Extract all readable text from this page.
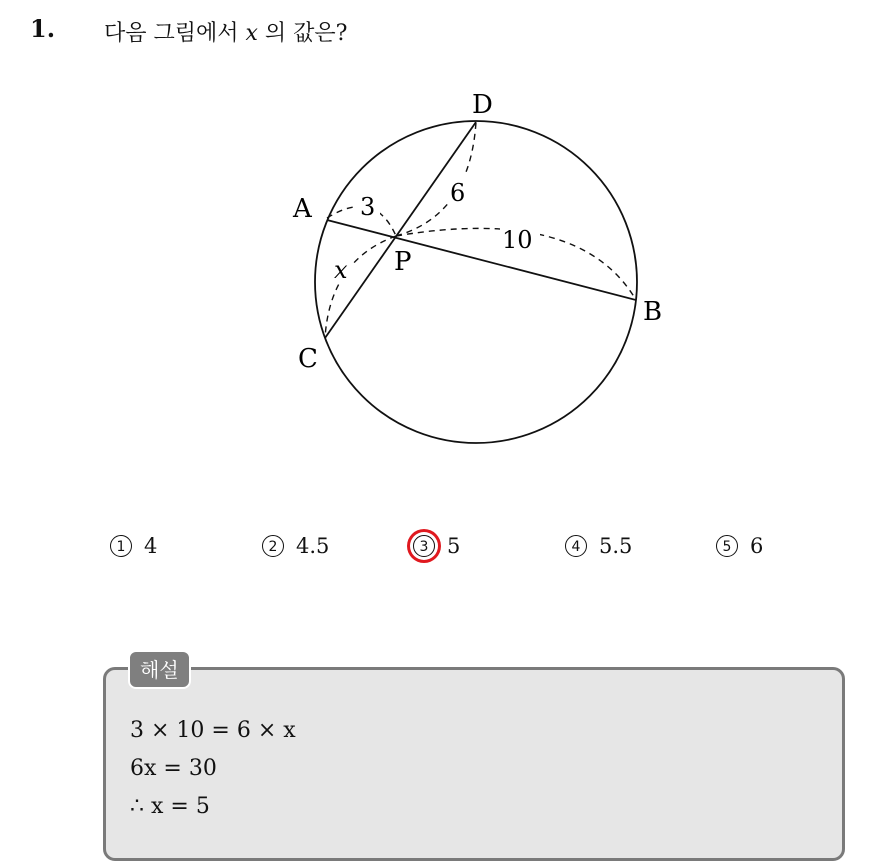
1. 다음 그림에서 x 의 값은?
D
A
P
B
C
3	6
10
x
1 4	2 4.5	3 5	4 5.5	5 6
해설
3 × 10 = 6 × x
6x = 30
∴ x = 5
